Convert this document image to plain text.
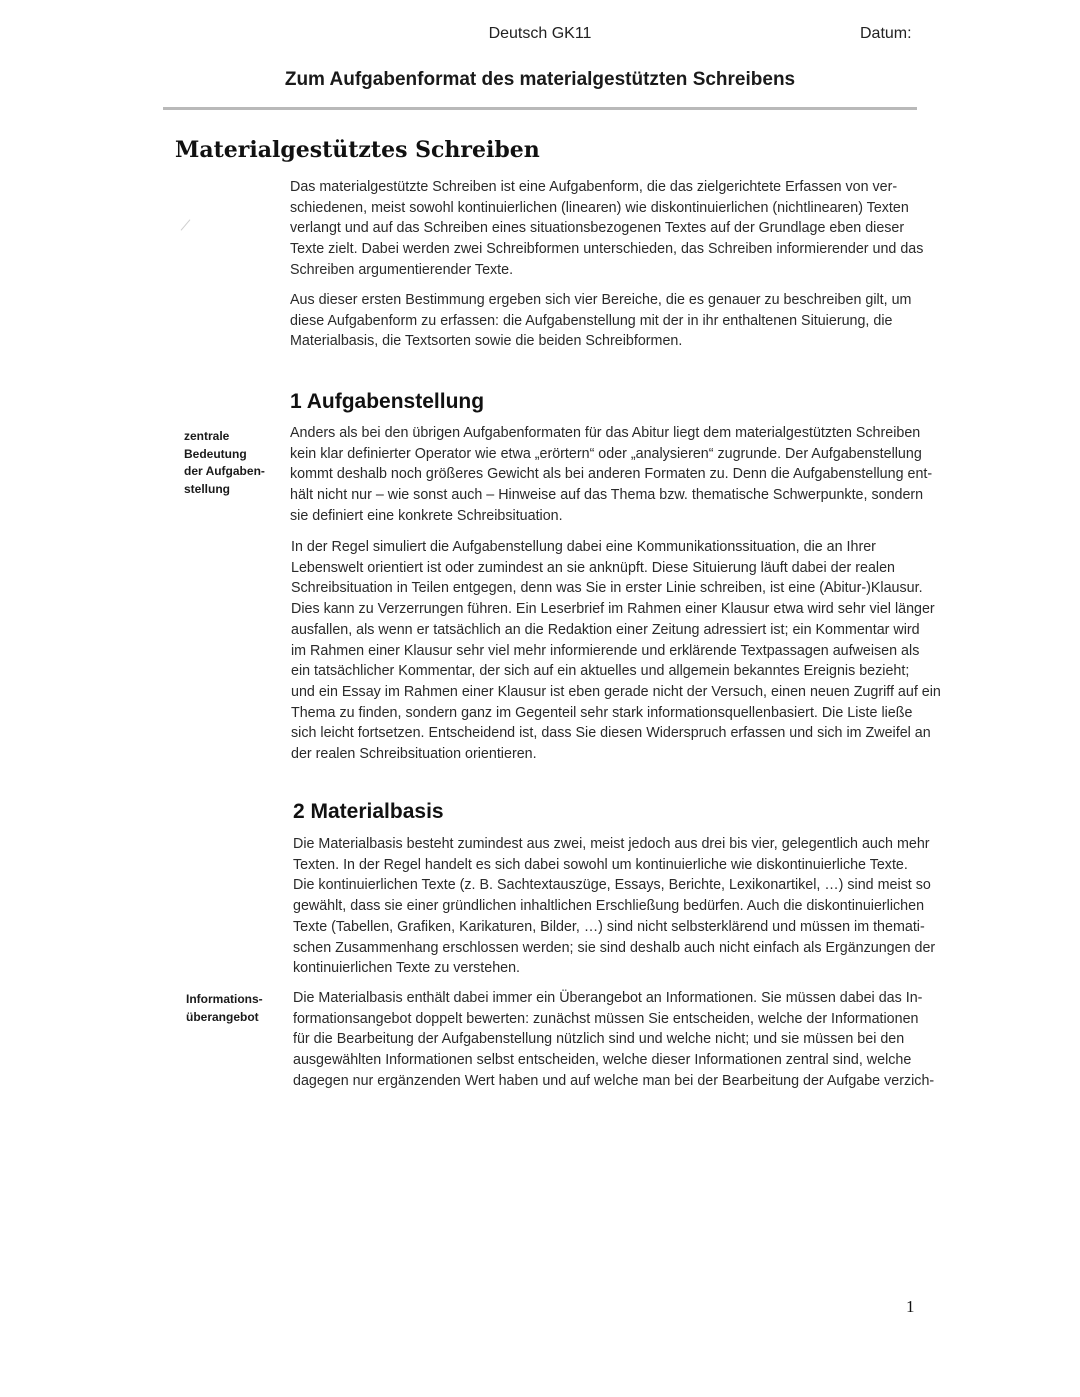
Deutsch GK11	Datum:
Zum Aufgabenformat des materialgestützten Schreibens
Materialgestütztes Schreiben
Das materialgestützte Schreiben ist eine Aufgabenform, die das zielgerichtete Erfassen von ver-
schiedenen, meist sowohl kontinuierlichen (linearen) wie diskontinuierlichen (nichtlinearen) Texten
verlangt und auf das Schreiben eines situationsbezogenen Textes auf der Grundlage eben dieser
Texte zielt. Dabei werden zwei Schreibformen unterschieden, das Schreiben informierender und das
Schreiben argumentierender Texte.
Aus dieser ersten Bestimmung ergeben sich vier Bereiche, die es genauer zu beschreiben gilt, um
diese Aufgabenform zu erfassen: die Aufgabenstellung mit der in ihr enthaltenen Situierung, die
Materialbasis, die Textsorten sowie die beiden Schreibformen.
1 Aufgabenstellung
zentrale
Bedeutung
der Aufgaben-
stellung
Anders als bei den übrigen Aufgabenformaten für das Abitur liegt dem materialgestützten Schreiben
kein klar definierter Operator wie etwa „erörtern“ oder „analysieren“ zugrunde. Der Aufgabenstellung
kommt deshalb noch größeres Gewicht als bei anderen Formaten zu. Denn die Aufgabenstellung ent-
hält nicht nur – wie sonst auch – Hinweise auf das Thema bzw. thematische Schwerpunkte, sondern
sie definiert eine konkrete Schreibsituation.
In der Regel simuliert die Aufgabenstellung dabei eine Kommunikationssituation, die an Ihrer
Lebenswelt orientiert ist oder zumindest an sie anknüpft. Diese Situierung läuft dabei der realen
Schreibsituation in Teilen entgegen, denn was Sie in erster Linie schreiben, ist eine (Abitur-)Klausur.
Dies kann zu Verzerrungen führen. Ein Leserbrief im Rahmen einer Klausur etwa wird sehr viel länger
ausfallen, als wenn er tatsächlich an die Redaktion einer Zeitung adressiert ist; ein Kommentar wird
im Rahmen einer Klausur sehr viel mehr informierende und erklärende Textpassagen aufweisen als
ein tatsächlicher Kommentar, der sich auf ein aktuelles und allgemein bekanntes Ereignis bezieht;
und ein Essay im Rahmen einer Klausur ist eben gerade nicht der Versuch, einen neuen Zugriff auf ein
Thema zu finden, sondern ganz im Gegenteil sehr stark informationsquellenbasiert. Die Liste ließe
sich leicht fortsetzen. Entscheidend ist, dass Sie diesen Widerspruch erfassen und sich im Zweifel an
der realen Schreibsituation orientieren.
2 Materialbasis
Die Materialbasis besteht zumindest aus zwei, meist jedoch aus drei bis vier, gelegentlich auch mehr
Texten. In der Regel handelt es sich dabei sowohl um kontinuierliche wie diskontinuierliche Texte.
Die kontinuierlichen Texte (z. B. Sachtextauszüge, Essays, Berichte, Lexikonartikel, …) sind meist so
gewählt, dass sie einer gründlichen inhaltlichen Erschließung bedürfen. Auch die diskontinuierlichen
Texte (Tabellen, Grafiken, Karikaturen, Bilder, …) sind nicht selbsterklärend und müssen im themati-
schen Zusammenhang erschlossen werden; sie sind deshalb auch nicht einfach als Ergänzungen der
kontinuierlichen Texte zu verstehen.
Informations-
überangebot
Die Materialbasis enthält dabei immer ein Überangebot an Informationen. Sie müssen dabei das In-
formationsangebot doppelt bewerten: zunächst müssen Sie entscheiden, welche der Informationen
für die Bearbeitung der Aufgabenstellung nützlich sind und welche nicht; und sie müssen bei den
ausgewählten Informationen selbst entscheiden, welche dieser Informationen zentral sind, welche
dagegen nur ergänzenden Wert haben und auf welche man bei der Bearbeitung der Aufgabe verzich-
1
